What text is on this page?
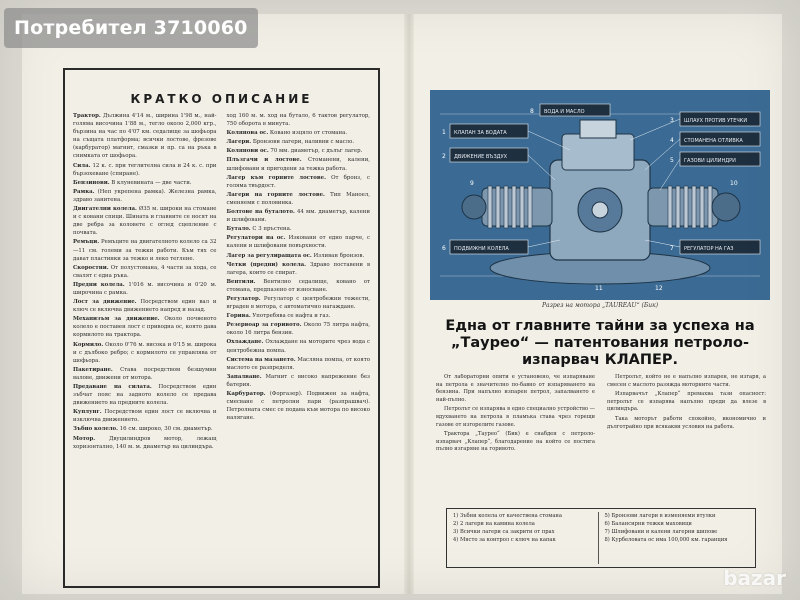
КРАТКО ОПИСАНИЕ
Трактор. Дължина 4'14 м., ширина 1'98 м., най-голяма височина 1'88 м., тегло около 2,000 кгр., бързина на час по 4'07 км. седалище за шофьора на същата платформа; всички лостове, фрезове (карбуратор) магнит, смазки и пр. са на ръка в снимката от шофьора.
Сила. 12 к. с. при теглителна сила и 24 к. с. при бързохеване (спиране).
Бензинови. В клуневината — две части.
Рамка. (Неп укрепена рамка). Железна рамка, здраво занитена.
Двигателни колела. Ø35 м. широки на стомане и с ковани спици. Шината и главните се носят на две ребра за коловете с оглед сцепление с почвата.
Ремъци. Ремъците на двигателното колело са 32—11 см. големи за тежки работи. Към тях се дават пластинки за тежко и леко теглене.
Скоростни. От полустомана, 4 части за хода, се свалят с една ръка.
Предни колела. 1'016 м. височина и 0'20 м. широчина с рамка.
Лост за движение. Посредством един вал и ключ се включва движението напред и назад.
Механизъм за движение. Около почвеното колело е поставен лост с приводна ос, която дава кормилото на трактора.
Кормило. Около 0'76 м. висока и 0'15 м. широка и с дълбоко ребро; с кормилото се управлява от шофьора.
Пакетиране. Става посредством безшумни валове, движени от мотора.
Предаване на силата. Посредством един зъбчат пояс на задното колело се предава движението на предните колела.
Куплунг. Посредством един лост се включва и изключва движението.
Зъбно колело. 16 см. широко, 30 см. диаметър.
Мотор. Двуцилиндров мотор, лежащ хоризонтално, 140 м. м. диаметър на цилиндъра.
ход 160 м. м. ход на бутало, 6 тактов регулатор, 750 оборота в минута.
Колянова ос. Ковано изцяло от стомана.
Лагери. Бронзови лагери, наливни с масло.
Колянови ос. 70 мм. диаметър, с дълъг лагер.
Плъзгачи и лостове. Стоманени, калени, шлифовани и пригодени за тежка работа.
Лагер към горните лостове. От бронз, с голяма твърдост.
Лагери на горните лостове. Тип Маноел, сменяеми с половинка.
Болтове на буталото. 44 мм. диаметър, калени и шлифовани.
Бутало. С 3 пръстена.
Регулатори на ос. Изковани от едно парче, с калени и шлифовани повърхности.
Лагер за регулиращата ос. Изливан бронзов.
Четки (предни) колела. Здраво поставени в лагера, които се спират.
Вентили. Вентилно седалище, ковано от стомана, предпазено от износване.
Регулатор. Регулатор с центробежни тежести, вграден в мотора, с автоматично нагаждане.
Горива. Употребява се нафта и газ.
Резервоар за горивото. Около 75 литра нафта, около 16 литра бензин.
Охлаждане. Охлаждане на моторите чрез вода с центробежна помпа.
Система на мазането. Масляна помпа, от която маслото се разпределя.
Запалване. Магнит с високо напрежение без батерия.
Карбуратор. (Форгазер). Подвижен за нафта, смесване с петролни пари (разпрашвач). Петролната смес се подава към мотора по високо налягане.
КЛАПАН ЗА ВОДАТА
ДВИЖЕНИЕ ВЪЗДУХ
ШЛАУХ ПРОТИВ УТЕЧКИ
СТОМАНЕНА ОТЛИВКА
ГАЗОВИ ЦИЛИНДРИ
ПОДВИЖНИ КОЛЕЛА	РЕГУЛАТОР НА ГАЗ
ВОДА И МАСЛО
1
2
3
4
5
6	7
8
9	10
11	12
Разрез на мотора „TAUREAU“ (Бик)
Една от главните тайни за успеха на „Таурео“ — патентования петроло-изпарвач КЛАПЕР.

От лабораторни опити е установено, че изпаряване на петрола е значително по-бавно от изпаряването на бензина. При напълно изпарен петрол, запалването е най-пълно.

Петролът се изпарява в едно специално устройство — вдухването на петрола в пламъка става чрез горещи газове от изгорелите газове.

Трактора „Таурео“ (Бик) е снабден с петроло-изпарвач „Клапер“, благодарение на който се постига пълно изгаряне на горивото.

Петролът, който не е напълно изпарен, не изгаря, а смесен с маслото разяжда моторните части.

Изпарвачът „Клапер“ премахва тази опасност: петролът се изпарява напълно преди да влезе в цилиндъра.

Така моторът работи спокойно, икономично и дълготрайно при всякакви условия на работа.

1) Зъбни колела от качествена стомана
2) 2 лагери на камина колела
3) Всички лагери са закрити от прах
4) Място за контрол с ключ на капак
5) Бронзови лагери в изменяеми втулки
6) Балансирни тежки маховици
7) Шлифовани и калени лагерни шипове
8) Курбеловата ос има 100,000 км. гаранция
Потребител 3710060
bazar
